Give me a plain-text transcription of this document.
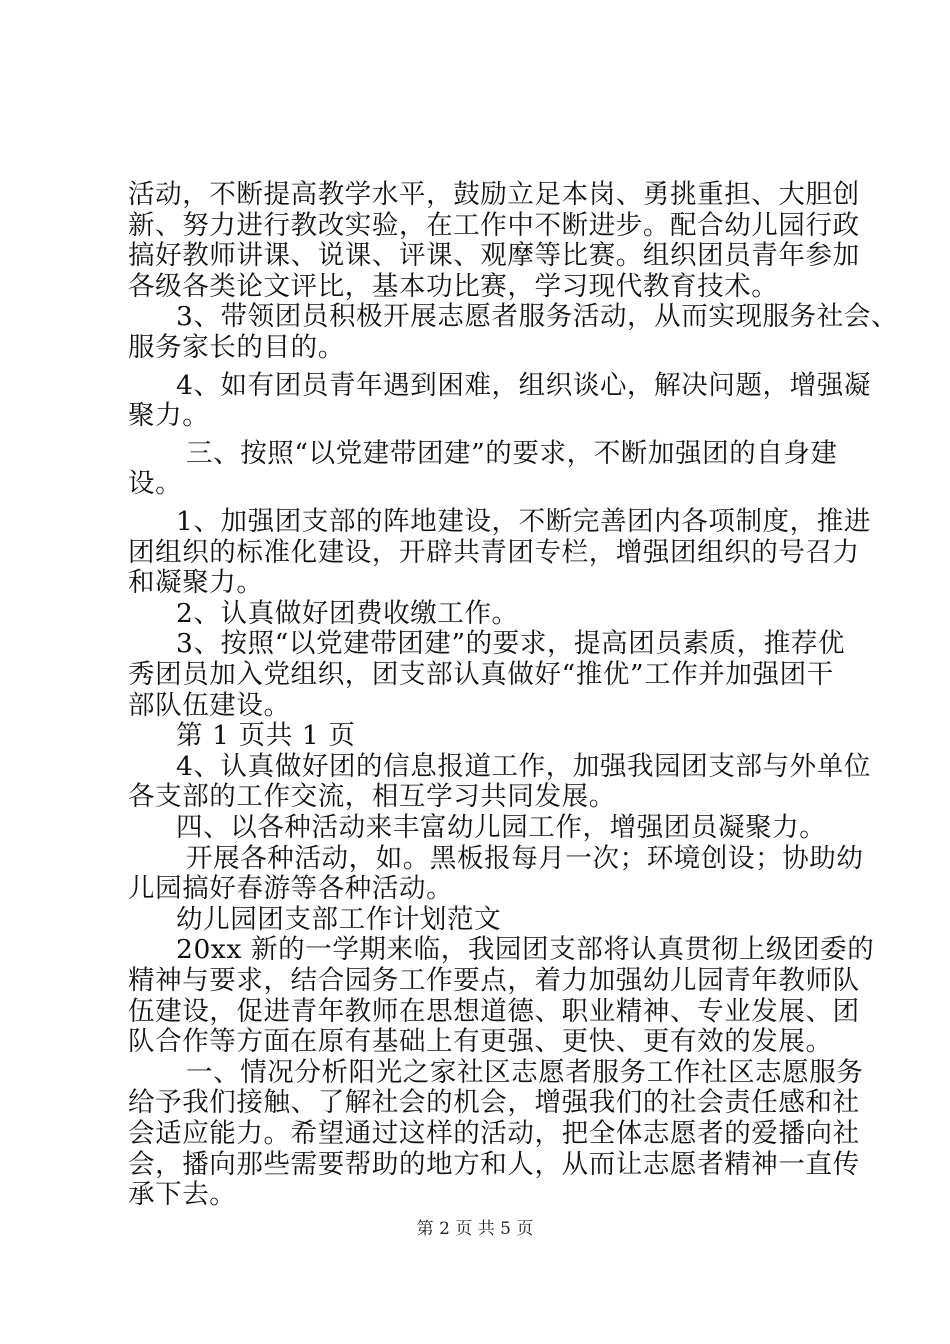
活动，不断提高教学水平，鼓励立足本岗、勇挑重担、大胆创
新、努力进行教改实验，在工作中不断进步。配合幼儿园行政
搞好教师讲课、说课、评课、观摩等比赛。组织团员青年参加
各级各类论文评比，基本功比赛，学习现代教育技术。
3、带领团员积极开展志愿者服务活动，从而实现服务社会、
服务家长的目的。
4、如有团员青年遇到困难，组织谈心，解决问题，增强凝
聚力。
三、按照“以党建带团建”的要求，不断加强团的自身建
设。
1、加强团支部的阵地建设，不断完善团内各项制度，推进
团组织的标准化建设，开辟共青团专栏，增强团组织的号召力
和凝聚力。
2、认真做好团费收缴工作。
3、按照“以党建带团建”的要求，提高团员素质，推荐优
秀团员加入党组织，团支部认真做好“推优”工作并加强团干
部队伍建设。
第 1 页共 1 页
4、认真做好团的信息报道工作，加强我园团支部与外单位
各支部的工作交流，相互学习共同发展。
四、以各种活动来丰富幼儿园工作，增强团员凝聚力。
开展各种活动，如。黑板报每月一次；环境创设；协助幼
儿园搞好春游等各种活动。
幼儿园团支部工作计划范文
20xx 新的一学期来临，我园团支部将认真贯彻上级团委的
精神与要求，结合园务工作要点，着力加强幼儿园青年教师队
伍建设，促进青年教师在思想道德、职业精神、专业发展、团
队合作等方面在原有基础上有更强、更快、更有效的发展。
一、情况分析阳光之家社区志愿者服务工作社区志愿服务
给予我们接触、了解社会的机会，增强我们的社会责任感和社
会适应能力。希望通过这样的活动，把全体志愿者的爱播向社
会，播向那些需要帮助的地方和人，从而让志愿者精神一直传
承下去。
第 2 页 共 5 页
